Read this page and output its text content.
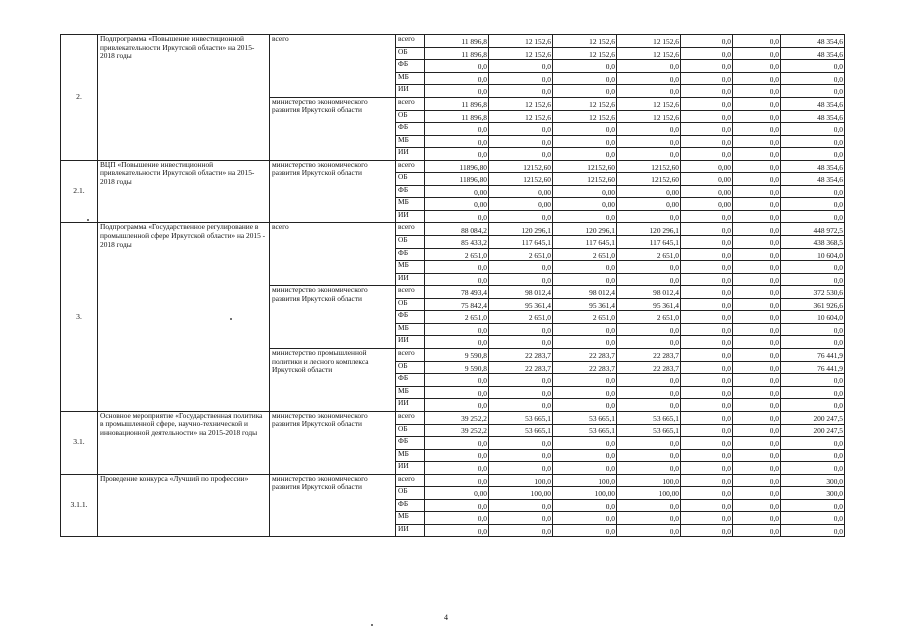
2.	Подпрограмма «Повышение инвестиционной привлекательности Иркутской области» на 2015-2018 годы	всего	всего	11 896,8	12 152,6	12 152,6	12 152,6	0,0	0,0	48 354,6
			ОБ	11 896,8	12 152,6	12 152,6	12 152,6	0,0	0,0	48 354,6
			ФБ	0,0	0,0	0,0	0,0	0,0	0,0	0,0
			МБ	0,0	0,0	0,0	0,0	0,0	0,0	0,0
			ИИ	0,0	0,0	0,0	0,0	0,0	0,0	0,0
		министерство экономического развития Иркутской области	всего	11 896,8	12 152,6	12 152,6	12 152,6	0,0	0,0	48 354,6
			ОБ	11 896,8	12 152,6	12 152,6	12 152,6	0,0	0,0	48 354,6
			ФБ	0,0	0,0	0,0	0,0	0,0	0,0	0,0
			МБ	0,0	0,0	0,0	0,0	0,0	0,0	0,0
			ИИ	0,0	0,0	0,0	0,0	0,0	0,0	0,0
2.1.	ВЦП «Повышение инвестиционной привлекательности Иркутской области» на 2015-2018 годы	министерство экономического развития Иркутской области	всего	11896,80	12152,60	12152,60	12152,60	0,00	0,0	48 354,6
			ОБ	11896,80	12152,60	12152,60	12152,60	0,00	0,0	48 354,6
			ФБ	0,00	0,00	0,00	0,00	0,00	0,0	0,0
			МБ	0,00	0,00	0,00	0,00	0,00	0,0	0,0
			ИИ	0,0	0,0	0,0	0,0	0,0	0,0	0,0
3.	Подпрограмма «Государственное регулирование в промышленной сфере Иркутской области» на 2015 - 2018 годы	всего	всего	88 084,2	120 296,1	120 296,1	120 296,1	0,0	0,0	448 972,5
			ОБ	85 433,2	117 645,1	117 645,1	117 645,1	0,0	0,0	438 368,5
			ФБ	2 651,0	2 651,0	2 651,0	2 651,0	0,0	0,0	10 604,0
			МБ	0,0	0,0	0,0	0,0	0,0	0,0	0,0
			ИИ	0,0	0,0	0,0	0,0	0,0	0,0	0,0
		министерство экономического развития Иркутской области	всего	78 493,4	98 012,4	98 012,4	98 012,4	0,0	0,0	372 530,6
			ОБ	75 842,4	95 361,4	95 361,4	95 361,4	0,0	0,0	361 926,6
			ФБ	2 651,0	2 651,0	2 651,0	2 651,0	0,0	0,0	10 604,0
			МБ	0,0	0,0	0,0	0,0	0,0	0,0	0,0
			ИИ	0,0	0,0	0,0	0,0	0,0	0,0	0,0
		министерство промышленной политики и лесного комплекса Иркутской области	всего	9 590,8	22 283,7	22 283,7	22 283,7	0,0	0,0	76 441,9
			ОБ	9 590,8	22 283,7	22 283,7	22 283,7	0,0	0,0	76 441,9
			ФБ	0,0	0,0	0,0	0,0	0,0	0,0	0,0
			МБ	0,0	0,0	0,0	0,0	0,0	0,0	0,0
			ИИ	0,0	0,0	0,0	0,0	0,0	0,0	0,0
3.1.	Основное мероприятие «Государственная политика в промышленной сфере, научно-технической и инновационной деятельности» на 2015-2018 годы	министерство экономического развития Иркутской области	всего	39 252,2	53 665,1	53 665,1	53 665,1	0,0	0,0	200 247,5
			ОБ	39 252,2	53 665,1	53 665,1	53 665,1	0,0	0,0	200 247,5
			ФБ	0,0	0,0	0,0	0,0	0,0	0,0	0,0
			МБ	0,0	0,0	0,0	0,0	0,0	0,0	0,0
			ИИ	0,0	0,0	0,0	0,0	0,0	0,0	0,0
3.1.1.	Проведение конкурса «Лучший по профессии»	министерство экономического развития Иркутской области	всего	0,0	100,0	100,0	100,0	0,0	0,0	300,0
			ОБ	0,00	100,00	100,00	100,00	0,0	0,0	300,0
			ФБ	0,0	0,0	0,0	0,0	0,0	0,0	0,0
			МБ	0,0	0,0	0,0	0,0	0,0	0,0	0,0
			ИИ	0,0	0,0	0,0	0,0	0,0	0,0	0,0
4
